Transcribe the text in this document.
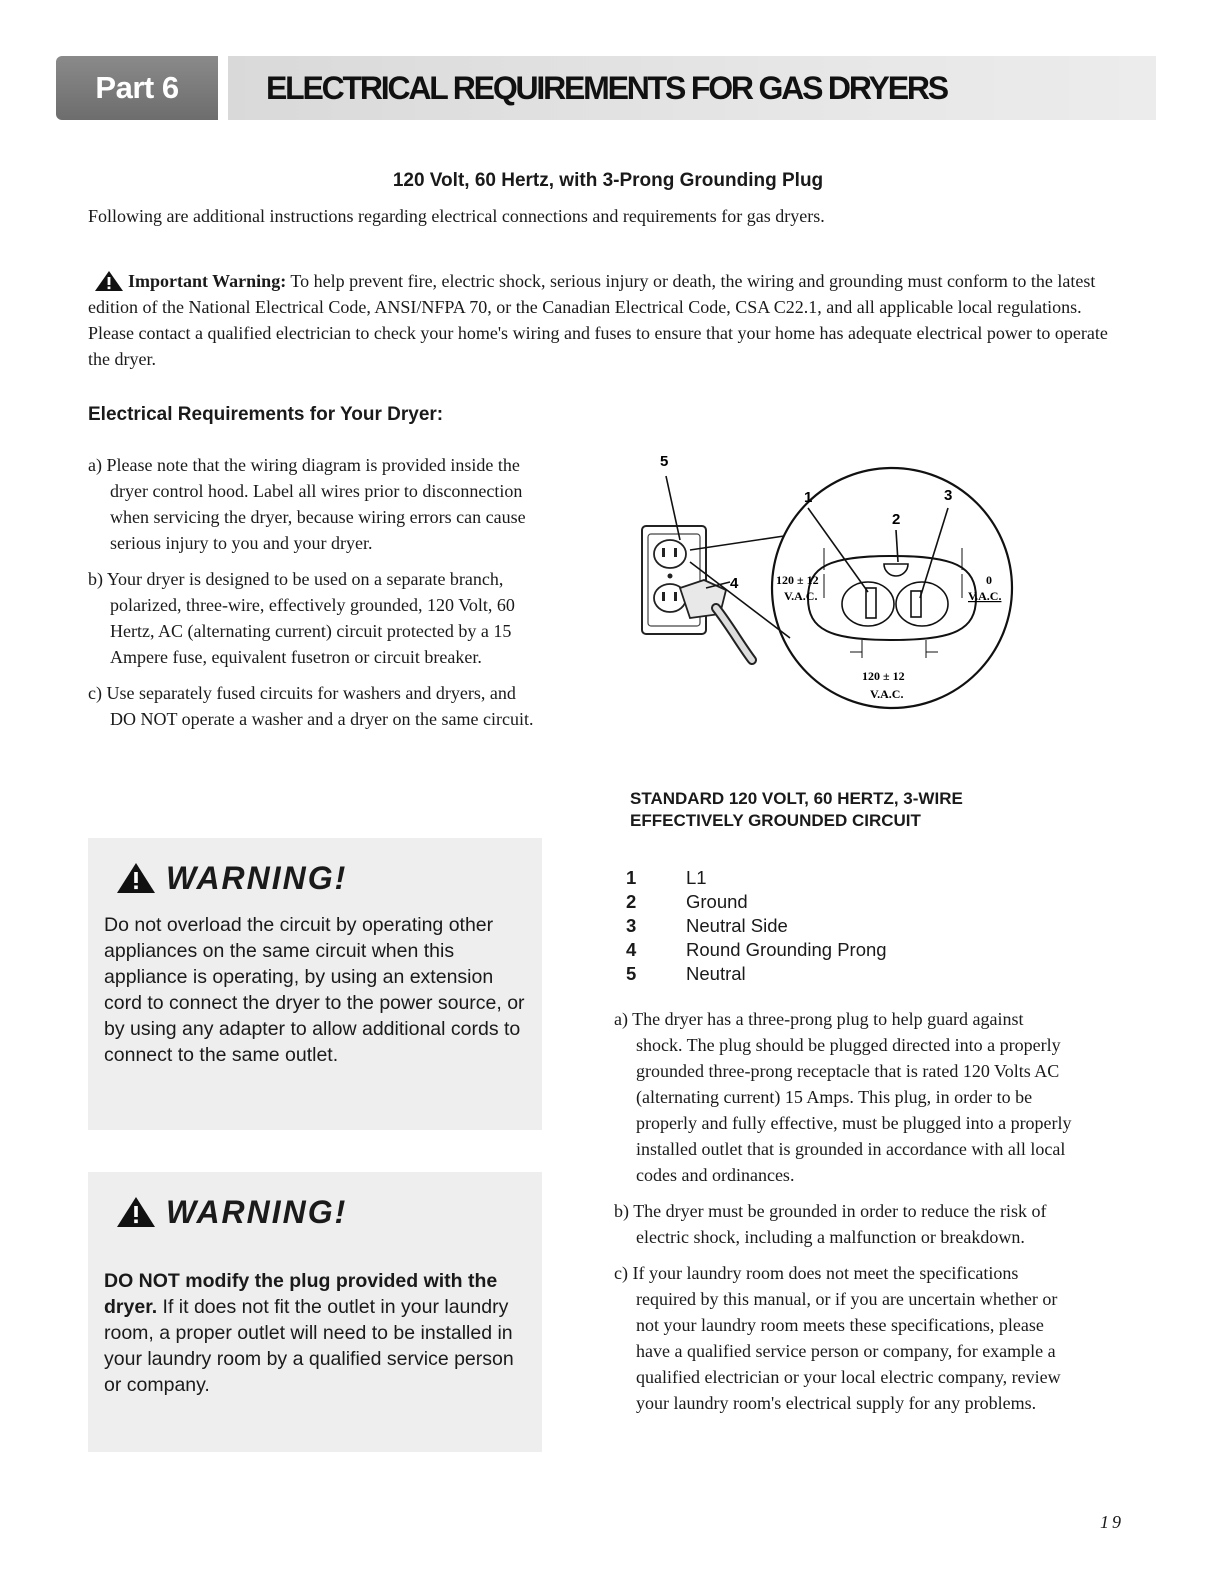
Part 6	ELECTRICAL REQUIREMENTS FOR GAS DRYERS
120 Volt, 60 Hertz, with 3-Prong Grounding Plug
Following are additional instructions regarding electrical connections and requirements for gas dryers.
Important Warning: To help prevent fire, electric shock, serious injury or death, the wiring and grounding must conform to the latest edition of the National Electrical Code, ANSI/NFPA 70, or the Canadian Electrical Code, CSA C22.1, and all applicable local regulations. Please contact a qualified electrician to check your home's wiring and fuses to ensure that your home has adequate electrical power to operate the dryer.
Electrical Requirements for Your Dryer:
a) Please note that the wiring diagram is provided inside the dryer control hood. Label all wires prior to disconnection when servicing the dryer, because wiring errors can cause serious injury to you and your dryer.
b) Your dryer is designed to be used on a separate branch, polarized, three-wire, effectively grounded, 120 Volt, 60 Hertz, AC (alternating current) circuit protected by a 15 Ampere fuse, equivalent fusetron or circuit breaker.
c) Use separately fused circuits for washers and dryers, and DO NOT operate a washer and a dryer on the same circuit.
WARNING!
Do not overload the circuit by operating other appliances on the same circuit when this appliance is operating, by using an extension cord to connect the dryer to the power source, or by using any adapter to allow additional cords to connect to the same outlet.
WARNING!
DO NOT modify the plug provided with the dryer. If it does not fit the outlet in your laundry room, a proper outlet will need to be installed in your laundry room by a qualified service person or company.
5
1
2
3
4	120 ± 12
V.A.C.
0
V.A.C.
120 ± 12
V.A.C.
STANDARD 120 VOLT, 60 HERTZ, 3-WIRE
EFFECTIVELY GROUNDED CIRCUIT
1	L1
2	Ground
3	Neutral Side
4	Round Grounding Prong
5	Neutral
a) The dryer has a three-prong plug to help guard against shock. The plug should be plugged directed into a properly grounded three-prong receptacle that is rated 120 Volts AC (alternating current) 15 Amps. This plug, in order to be properly and fully effective, must be plugged into a properly installed outlet that is grounded in accordance with all local codes and ordinances.
b) The dryer must be grounded in order to reduce the risk of electric shock, including a malfunction or breakdown.
c) If your laundry room does not meet the specifications required by this manual, or if you are uncertain whether or not your laundry room meets these specifications, please have a qualified service person or company, for example a qualified electrician or your local electric company, review your laundry room's electrical supply for any problems.
19
